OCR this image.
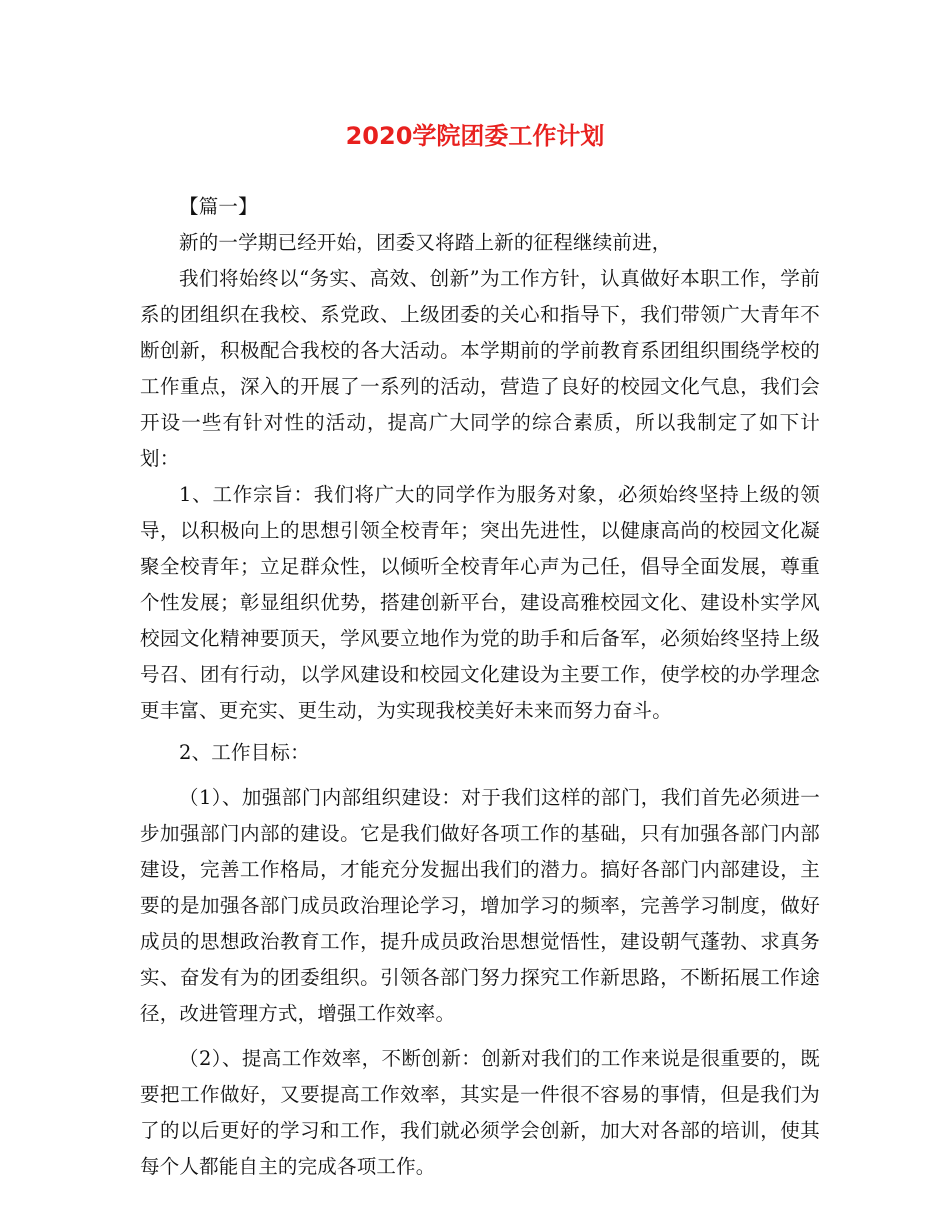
2020学院团委工作计划

【篇一】

新的一学期已经开始，团委又将踏上新的征程继续前进，

我们将始终以“务实、高效、创新”为工作方针，认真做好本职工作，学前系的团组织在我校、系党政、上级团委的关心和指导下，我们带领广大青年不断创新，积极配合我校的各大活动。本学期前的学前教育系团组织围绕学校的工作重点，深入的开展了一系列的活动，营造了良好的校园文化气息，我们会开设一些有针对性的活动，提高广大同学的综合素质，所以我制定了如下计划：

1、工作宗旨：我们将广大的同学作为服务对象，必须始终坚持上级的领导，以积极向上的思想引领全校青年；突出先进性，以健康高尚的校园文化凝聚全校青年；立足群众性，以倾听全校青年心声为己任，倡导全面发展，尊重个性发展；彰显组织优势，搭建创新平台，建设高雅校园文化、建设朴实学风校园文化精神要顶天，学风要立地作为党的助手和后备军，必须始终坚持上级号召、团有行动，以学风建设和校园文化建设为主要工作，使学校的办学理念更丰富、更充实、更生动，为实现我校美好未来而努力奋斗。

2、工作目标：

（1）、加强部门内部组织建设：对于我们这样的部门，我们首先必须进一步加强部门内部的建设。它是我们做好各项工作的基础，只有加强各部门内部建设，完善工作格局，才能充分发掘出我们的潜力。搞好各部门内部建设，主要的是加强各部门成员政治理论学习，增加学习的频率，完善学习制度，做好成员的思想政治教育工作，提升成员政治思想觉悟性，建设朝气蓬勃、求真务实、奋发有为的团委组织。引领各部门努力探究工作新思路，不断拓展工作途径，改进管理方式，增强工作效率。

（2）、提高工作效率，不断创新：创新对我们的工作来说是很重要的，既要把工作做好，又要提高工作效率，其实是一件很不容易的事情，但是我们为了的以后更好的学习和工作，我们就必须学会创新，加大对各部的培训，使其每个人都能自主的完成各项工作。
